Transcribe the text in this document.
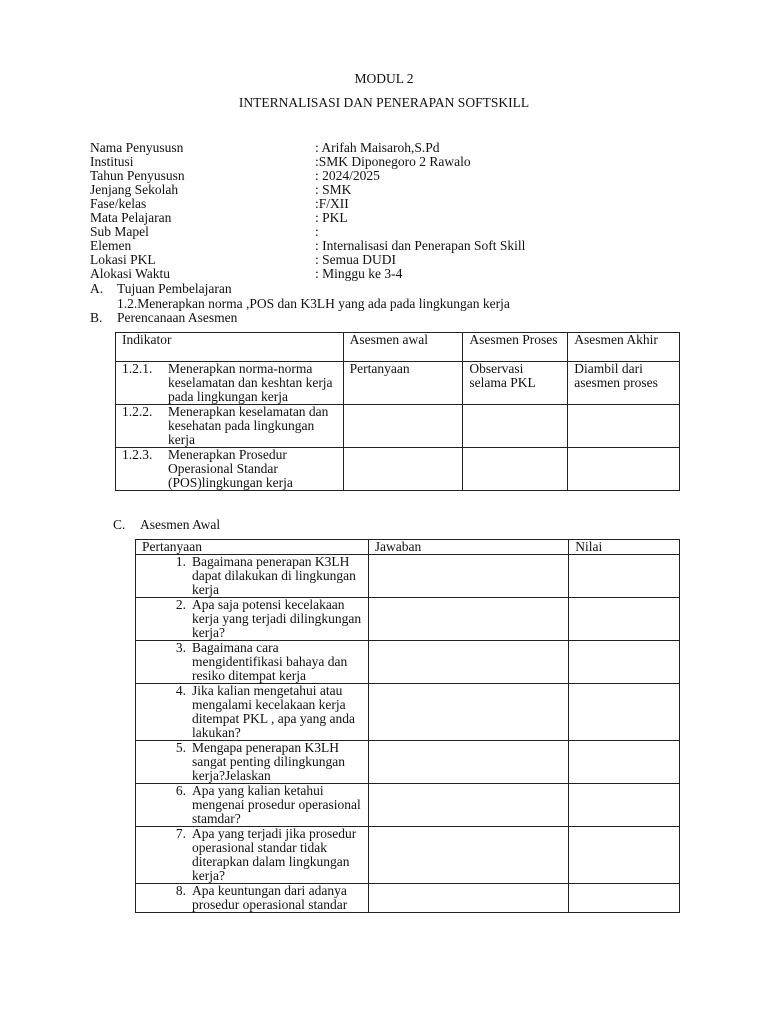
MODUL 2
INTERNALISASI DAN PENERAPAN SOFTSKILL
Nama Penyususn	: Arifah Maisaroh,S.Pd
Institusi	:SMK Diponegoro 2 Rawalo
Tahun Penyususn	: 2024/2025
Jenjang Sekolah	: SMK
Fase/kelas	:F/XII
Mata Pelajaran	: PKL
Sub Mapel	:
Elemen	: Internalisasi dan Penerapan Soft Skill
Lokasi PKL	: Semua DUDI
Alokasi Waktu	: Minggu ke 3-4
A. Tujuan Pembelajaran
1.2.Menerapkan norma ,POS dan K3LH yang ada pada lingkungan kerja
B. Perencanaan Asesmen
Indikator	Asesmen awal	Asesmen Proses	Asesmen Akhir

1.2.1. Menerapkan norma-norma keselamatan dan keshtan kerja pada lingkungan kerja	Pertanyaan	Observasi selama PKL	Diambil dari asesmen proses

1.2.2. Menerapkan keselamatan dan kesehatan pada lingkungan kerja			

1.2.3. Menerapkan Prosedur Operasional Standar (POS)lingkungan kerja			

C. Asesmen Awal
Pertanyaan	Jawaban	Nilai

1. Bagaimana penerapan K3LH dapat dilakukan di lingkungan kerja		

2. Apa saja potensi kecelakaan kerja yang terjadi dilingkungan kerja?		

3. Bagaimana cara mengidentifikasi bahaya dan resiko ditempat kerja		

4. Jika kalian mengetahui atau mengalami kecelakaan kerja ditempat PKL , apa yang anda lakukan?		

5. Mengapa penerapan K3LH sangat penting dilingkungan kerja?Jelaskan		

6. Apa yang kalian ketahui mengenai prosedur operasional stamdar?		

7. Apa yang terjadi jika prosedur operasional standar tidak diterapkan dalam lingkungan kerja?		

8. Apa keuntungan dari adanya prosedur operasional standar		
